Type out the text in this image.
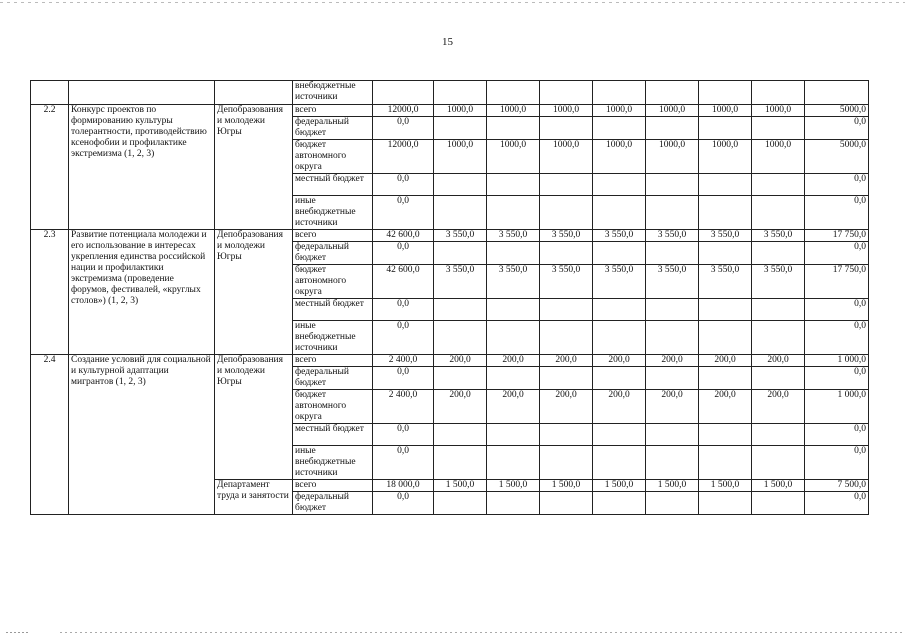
15
			внебюджетные источники									
2.2	Конкурс проектов по формированию культуры толерантности, противодействию ксенофобии и профилактике экстремизма (1, 2, 3)	Депобразования и молодежи Югры	всего	12000,0	1000,0	1000,0	1000,0	1000,0	1000,0	1000,0	1000,0	5000,0
			федеральный бюджет	0,0								0,0
			бюджет автономного округа	12000,0	1000,0	1000,0	1000,0	1000,0	1000,0	1000,0	1000,0	5000,0
			местный бюджет	0,0								0,0
			иные внебюджетные источники	0,0								0,0
2.3	Развитие потенциала молодежи и его использование в интересах укрепления единства российской нации и профилактики экстремизма (проведение форумов, фестивалей, «круглых столов») (1, 2, 3)	Депобразования и молодежи Югры	всего	42 600,0	3 550,0	3 550,0	3 550,0	3 550,0	3 550,0	3 550,0	3 550,0	17 750,0
			федеральный бюджет	0,0								0,0
			бюджет автономного округа	42 600,0	3 550,0	3 550,0	3 550,0	3 550,0	3 550,0	3 550,0	3 550,0	17 750,0
			местный бюджет	0,0								0,0
			иные внебюджетные источники	0,0								0,0
2.4	Создание условий для социальной и культурной адаптации мигрантов (1, 2, 3)	Депобразования и молодежи Югры	всего	2 400,0	200,0	200,0	200,0	200,0	200,0	200,0	200,0	1 000,0
			федеральный бюджет	0,0								0,0
			бюджет автономного округа	2 400,0	200,0	200,0	200,0	200,0	200,0	200,0	200,0	1 000,0
			местный бюджет	0,0								0,0
			иные внебюджетные источники	0,0								0,0
		Департамент труда и занятости	всего	18 000,0	1 500,0	1 500,0	1 500,0	1 500,0	1 500,0	1 500,0	1 500,0	7 500,0
			федеральный бюджет	0,0								0,0
